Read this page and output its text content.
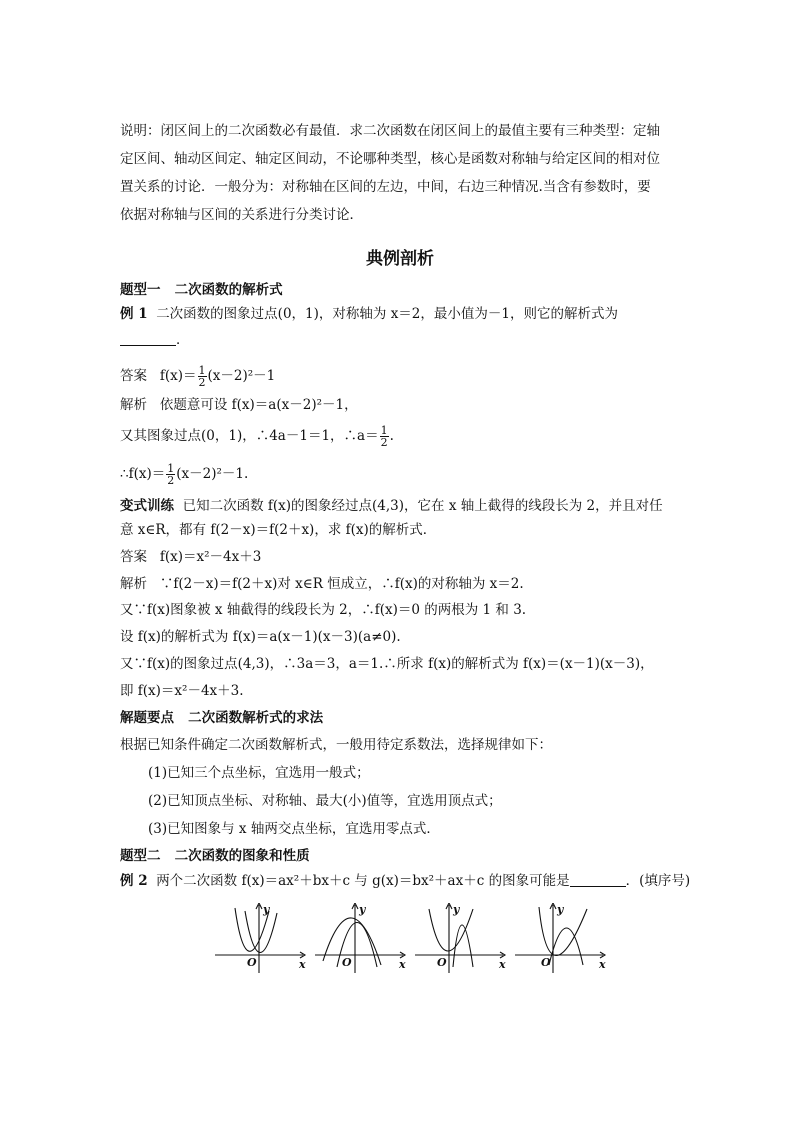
说明：闭区间上的二次函数必有最值．求二次函数在闭区间上的最值主要有三种类型：定轴
定区间、轴动区间定、轴定区间动，不论哪种类型，核心是函数对称轴与给定区间的相对位
置关系的讨论．一般分为：对称轴在区间的左边，中间，右边三种情况.当含有参数时，要
依据对称轴与区间的关系进行分类讨论．
典例剖析
题型一 二次函数的解析式
例 1 二次函数的图象过点(0，1)，对称轴为 x＝2，最小值为－1，则它的解析式为
．
答案 $f(x)= \frac{1}{2} (x-2)^2-1$
解析 依题意可设 f(x)＝a(x－2)²－1，
又其图象过点(0，1)，∴4a－1＝1，∴a＝ $\frac{1}{2}$ .
∴f(x)＝ $\frac{1}{2} (x-2)^2-1$.
变式训练 已知二次函数 f(x)的图象经过点(4,3)，它在 x 轴上截得的线段长为 2，并且对任
意 x∈R，都有 f(2－x)＝f(2＋x)，求 f(x)的解析式．
答案 f(x)＝x²－4x＋3
解析 ∵f(2－x)＝f(2＋x)对 x∈R 恒成立，∴f(x)的对称轴为 x＝2.
又∵f(x)图象被 x 轴截得的线段长为 2，∴f(x)＝0 的两根为 1 和 3.
设 f(x)的解析式为 f(x)＝a(x－1)(x－3)(a≠0).
又∵f(x)的图象过点(4,3)，∴3a＝3，a＝1.∴所求 f(x)的解析式为 f(x)＝(x－1)(x－3)，
即 f(x)＝x²－4x＋3.
解题要点 二次函数解析式的求法
根据已知条件确定二次函数解析式，一般用待定系数法，选择规律如下：
(1)已知三个点坐标，宜选用一般式；
(2)已知顶点坐标、对称轴、最大(小)值等，宜选用顶点式；
(3)已知图象与 x 轴两交点坐标，宜选用零点式．
题型二 二次函数的图象和性质
例 2 两个二次函数 f(x)＝ax²＋bx＋c 与 g(x)＝bx²＋ax＋c 的图象可能是	．(填序号)
y
x
O
y
x
O
y
x
O
y
x
O
